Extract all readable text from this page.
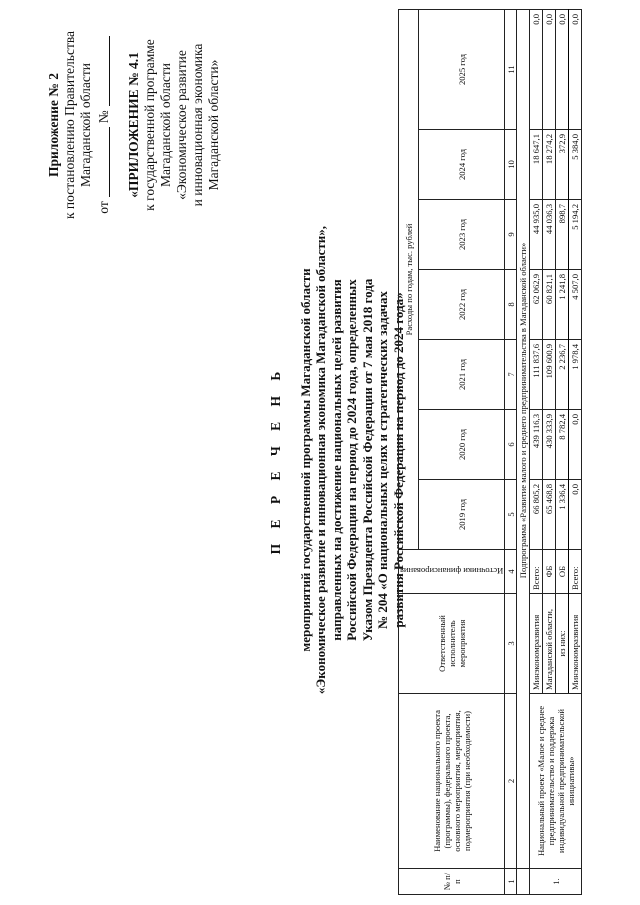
Приложение № 2 к постановлению Правительства Магаданской области
от
№ «ПРИЛОЖЕНИЕ № 4.1 к государственной программе Магаданской области «Экономическое развитие и инновационная экономика Магаданской области»
П Е Р Е Ч Е Н Ь мероприятий государственной программы Магаданской области «Экономическое развитие и инновационная экономика Магаданской области», направленных на достижение национальных целей развития Российской Федерации на период до 2024 года, определенных Указом Президента Российской Федерации от 7 мая 2018 года № 204 «О национальных целях и стратегических задачах развития Российской Федерации на период до 2024 года»
№ п/п	Наименование национального проекта (программы), федерального проекта, основного мероприятия, мероприятия, подмероприятия (при необходимости)	Ответственный исполнитель мероприятия	Источники финансирования	Расходы по годам, тыс. рублей						
				2019 год	2020 год	2021 год	2022 год	2023 год	2024 год	2025 год
1	2	3	4	5	6	7	8	9	10	11
	Подпрограмма «Развитие малого и среднего предпринимательства в Магаданской области»									
1.	Национальный проект «Малое и среднее предпринимательство и поддержка индивидуальной предпринимательской инициативы»	Минэкономразвития	Всего:	66 805,2	439 116,3	111 837,6	62 062,9	44 935,0	18 647,1	0,0
		Магаданской области,	ФБ	65 468,8	430 333,9	109 600,9	60 821,1	44 036,3	18 274,2	0,0
		из них:	ОБ	1 336,4	8 782,4	2 236,7	1 241,8	898,7	372,9	0,0
		Минэкономразвития	Всего:	0,0	0,0	1 978,4	4 507,0	5 194,2	5 384,0	0,0
